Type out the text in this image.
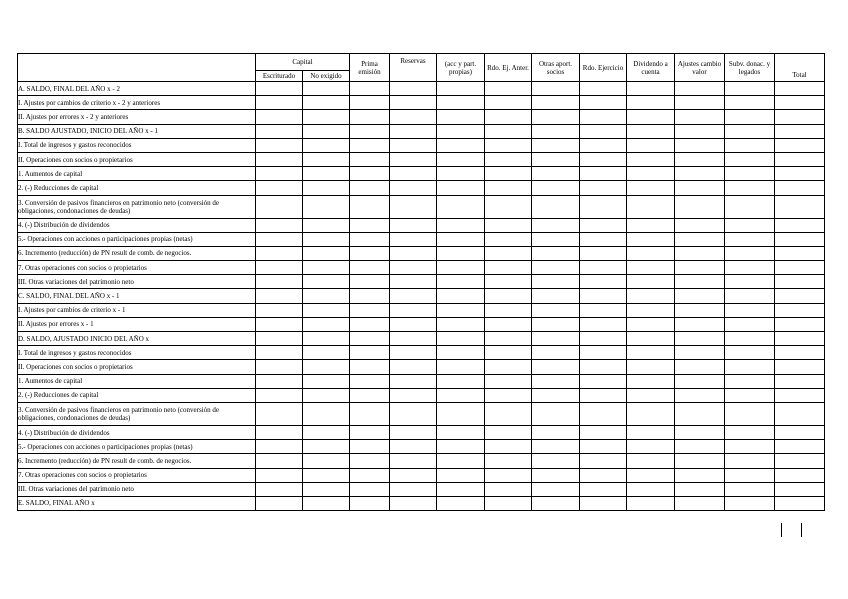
	Capital		Prima emisión	Reservas	(acc y part. propias)	Rdo. Ej. Anter.	Otras aport. socios	Rdo. Ejercicio	Dividendo a cuenta	Ajustes cambio valor	Subv. donac. y legados	Total
	Escriturado	No exigido										
A. SALDO, FINAL DEL AÑO x - 2												
I. Ajustes por cambios de criterio x - 2 y anteriores												
II. Ajustes por errores x - 2 y anteriores												
B. SALDO AJUSTADO, INICIO DEL AÑO x - 1												
I. Total de ingresos y gastos reconocidos												
II. Operaciones con socios o propietarios												
1. Aumentos de capital												
2. (-) Reducciones de capital												
3. Conversión de pasivos financieros en patrimonio neto (conversión de obligaciones, condonaciones de deudas)												
4. (-) Distribución de dividendos												
5.- Operaciones con acciones o participaciones propias (netas)												
6. Incremento (reducción) de PN result de comb. de negocios.												
7. Otras operaciones con socios o propietarios												
III. Otras variaciones del patrimonio neto												
C. SALDO, FINAL DEL AÑO x - 1												
I. Ajustes por cambios de criterio x - 1												
II. Ajustes por errores x - 1												
D. SALDO, AJUSTADO INICIO DEL AÑO x												
I. Total de ingresos y gastos reconocidos												
II. Operaciones con socios o propietarios												
1. Aumentos de capital												
2. (-) Reducciones de capital												
3. Conversión de pasivos financieros en patrimonio neto (conversión de obligaciones, condonaciones de deudas)												
4. (-) Distribución de dividendos												
5.- Operaciones con acciones o participaciones propias (netas)												
6. Incremento (reducción) de PN result de comb. de negocios.												
7. Otras operaciones con socios o propietarios												
III. Otras variaciones del patrimonio neto												
E. SALDO, FINAL AÑO x												
